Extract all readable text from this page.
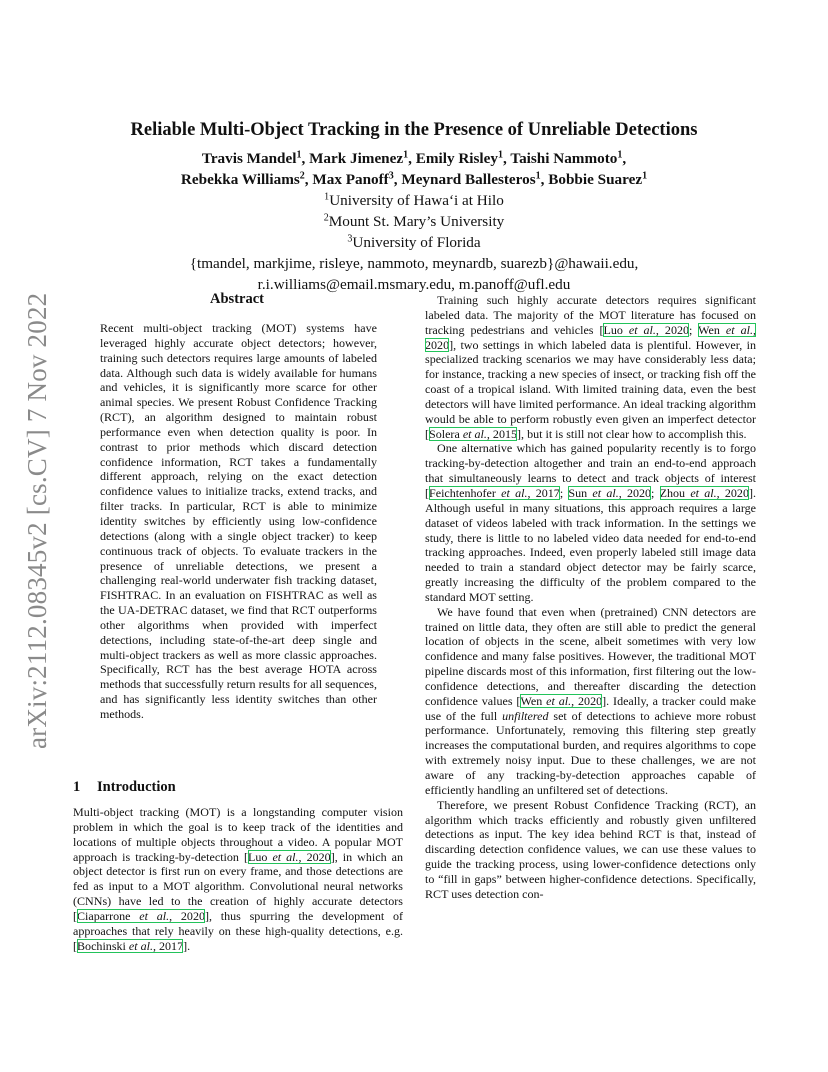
arXiv:2112.08345v2 [cs.CV] 7 Nov 2022
Reliable Multi-Object Tracking in the Presence of Unreliable Detections
Travis Mandel$^1$, Mark Jimenez$^1$, Emily Risley$^1$, Taishi Nammoto$^1$,
Rebekka Williams$^2$, Max Panoff$^3$, Meynard Ballesteros$^1$, Bobbie Suarez$^1$
$^1$University of Hawa‘i at Hilo
$^2$Mount St. Mary’s University
$^3$University of Florida
{tmandel, markjime, risleye, nammoto, meynardb, suarezb}@hawaii.edu,
r.i.williams@email.msmary.edu, m.panoff@ufl.edu
Abstract

Recent multi-object tracking (MOT) systems have leveraged highly accurate object detectors; however, training such detectors requires large amounts of labeled data. Although such data is widely available for humans and vehicles, it is significantly more scarce for other animal species. We present Robust Confidence Tracking (RCT), an algorithm designed to maintain robust performance even when detection quality is poor. In contrast to prior methods which discard detection confidence information, RCT takes a fundamentally different approach, relying on the exact detection confidence values to initialize tracks, extend tracks, and filter tracks. In particular, RCT is able to minimize identity switches by efficiently using low-confidence detections (along with a single object tracker) to keep continuous track of objects. To evaluate trackers in the presence of unreliable detections, we present a challenging real-world underwater fish tracking dataset, FISHTRAC. In an evaluation on FISHTRAC as well as the UA-DETRAC dataset, we find that RCT outperforms other algorithms when provided with imperfect detections, including state-of-the-art deep single and multi-object trackers as well as more classic approaches. Specifically, RCT has the best average HOTA across methods that successfully return results for all sequences, and has significantly less identity switches than other methods.

1 Introduction

Multi-object tracking (MOT) is a longstanding computer vision problem in which the goal is to keep track of the identities and locations of multiple objects throughout a video. A popular MOT approach is tracking-by-detection [Luo et al., 2020], in which an object detector is first run on every frame, and those detections are fed as input to a MOT algorithm. Convolutional neural networks (CNNs) have led to the creation of highly accurate detectors [Ciaparrone et al., 2020], thus spurring the development of approaches that rely heavily on these high-quality detections, e.g. [Bochinski et al., 2017].

Training such highly accurate detectors requires significant labeled data. The majority of the MOT literature has focused on tracking pedestrians and vehicles [Luo et al., 2020; Wen et al., 2020], two settings in which labeled data is plentiful. However, in specialized tracking scenarios we may have considerably less data; for instance, tracking a new species of insect, or tracking fish off the coast of a tropical island. With limited training data, even the best detectors will have limited performance. An ideal tracking algorithm would be able to perform robustly even given an imperfect detector [Solera et al., 2015], but it is still not clear how to accomplish this.

One alternative which has gained popularity recently is to forgo tracking-by-detection altogether and train an end-to-end approach that simultaneously learns to detect and track objects of interest [Feichtenhofer et al., 2017; Sun et al., 2020; Zhou et al., 2020]. Although useful in many situations, this approach requires a large dataset of videos labeled with track information. In the settings we study, there is little to no labeled video data needed for end-to-end tracking approaches. Indeed, even properly labeled still image data needed to train a standard object detector may be fairly scarce, greatly increasing the difficulty of the problem compared to the standard MOT setting.

We have found that even when (pretrained) CNN detectors are trained on little data, they often are still able to predict the general location of objects in the scene, albeit sometimes with very low confidence and many false positives. However, the traditional MOT pipeline discards most of this information, first filtering out the low-confidence detections, and thereafter discarding the detection confidence values [Wen et al., 2020]. Ideally, a tracker could make use of the full unfiltered set of detections to achieve more robust performance. Unfortunately, removing this filtering step greatly increases the computational burden, and requires algorithms to cope with extremely noisy input. Due to these challenges, we are not aware of any tracking-by-detection approaches capable of efficiently handling an unfiltered set of detections.

Therefore, we present Robust Confidence Tracking (RCT), an algorithm which tracks efficiently and robustly given unfiltered detections as input. The key idea behind RCT is that, instead of discarding detection confidence values, we can use these values to guide the tracking process, using lower-confidence detections only to “fill in gaps” between higher-confidence detections. Specifically, RCT uses detection con-
